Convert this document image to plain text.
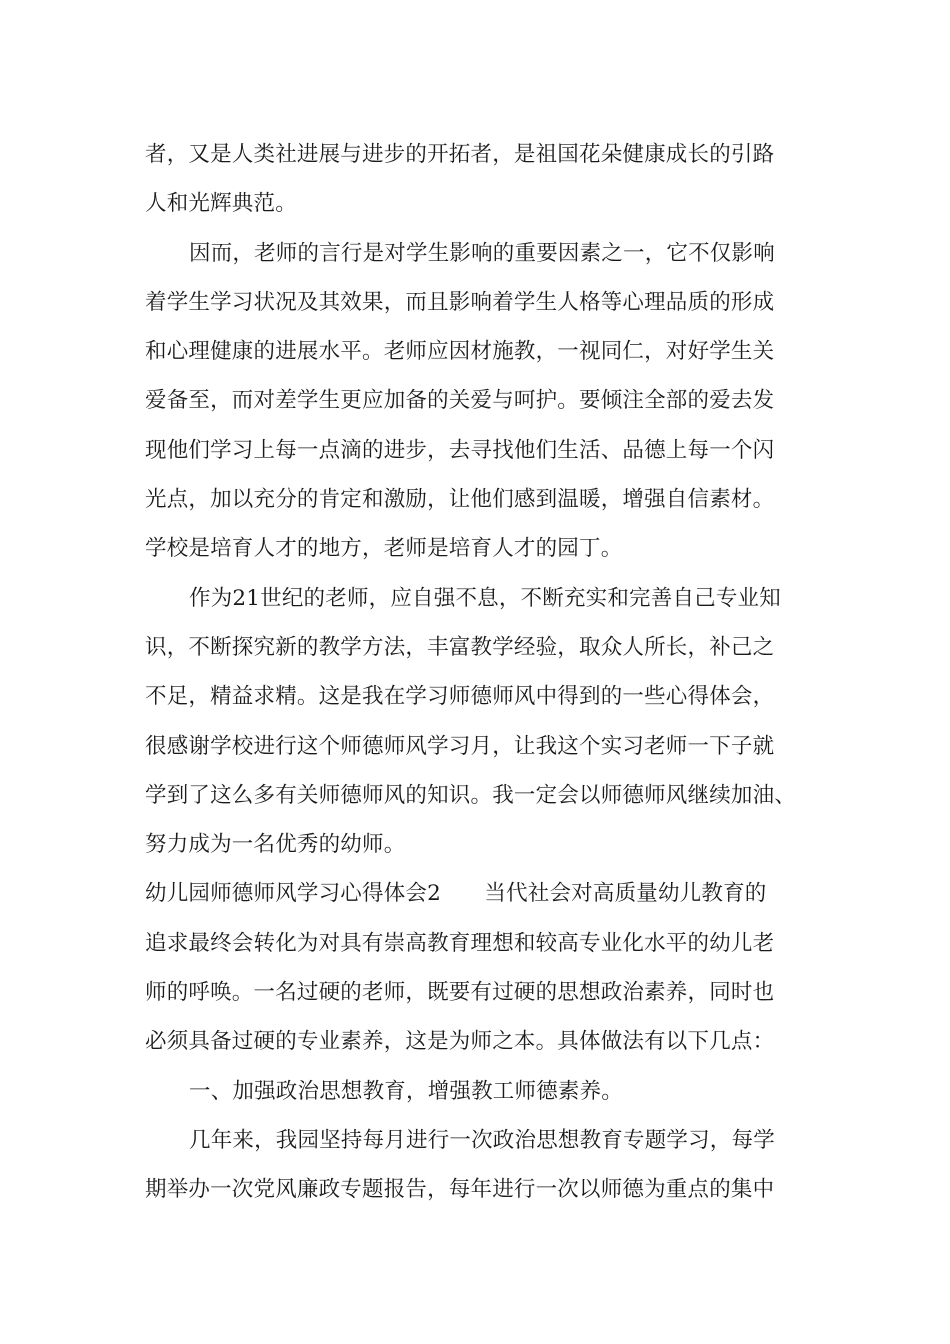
者，又是人类社进展与进步的开拓者，是祖国花朵健康成长的引路
人和光辉典范。
因而，老师的言行是对学生影响的重要因素之一，它不仅影响
着学生学习状况及其效果，而且影响着学生人格等心理品质的形成
和心理健康的进展水平。老师应因材施教，一视同仁，对好学生关
爱备至，而对差学生更应加备的关爱与呵护。要倾注全部的爱去发
现他们学习上每一点滴的进步，去寻找他们生活、品德上每一个闪
光点，加以充分的肯定和激励，让他们感到温暖，增强自信素材。
学校是培育人才的地方，老师是培育人才的园丁。
作为21世纪的老师，应自强不息，不断充实和完善自己专业知
识，不断探究新的教学方法，丰富教学经验，取众人所长，补己之
不足，精益求精。这是我在学习师德师风中得到的一些心得体会，
很感谢学校进行这个师德师风学习月，让我这个实习老师一下子就
学到了这么多有关师德师风的知识。我一定会以师德师风继续加油、
努力成为一名优秀的幼师。
幼儿园师德师风学习心得体会2　　当代社会对高质量幼儿教育的
追求最终会转化为对具有崇高教育理想和较高专业化水平的幼儿老
师的呼唤。一名过硬的老师，既要有过硬的思想政治素养，同时也
必须具备过硬的专业素养，这是为师之本。具体做法有以下几点：
一、加强政治思想教育，增强教工师德素养。
几年来，我园坚持每月进行一次政治思想教育专题学习，每学
期举办一次党风廉政专题报告，每年进行一次以师德为重点的集中
